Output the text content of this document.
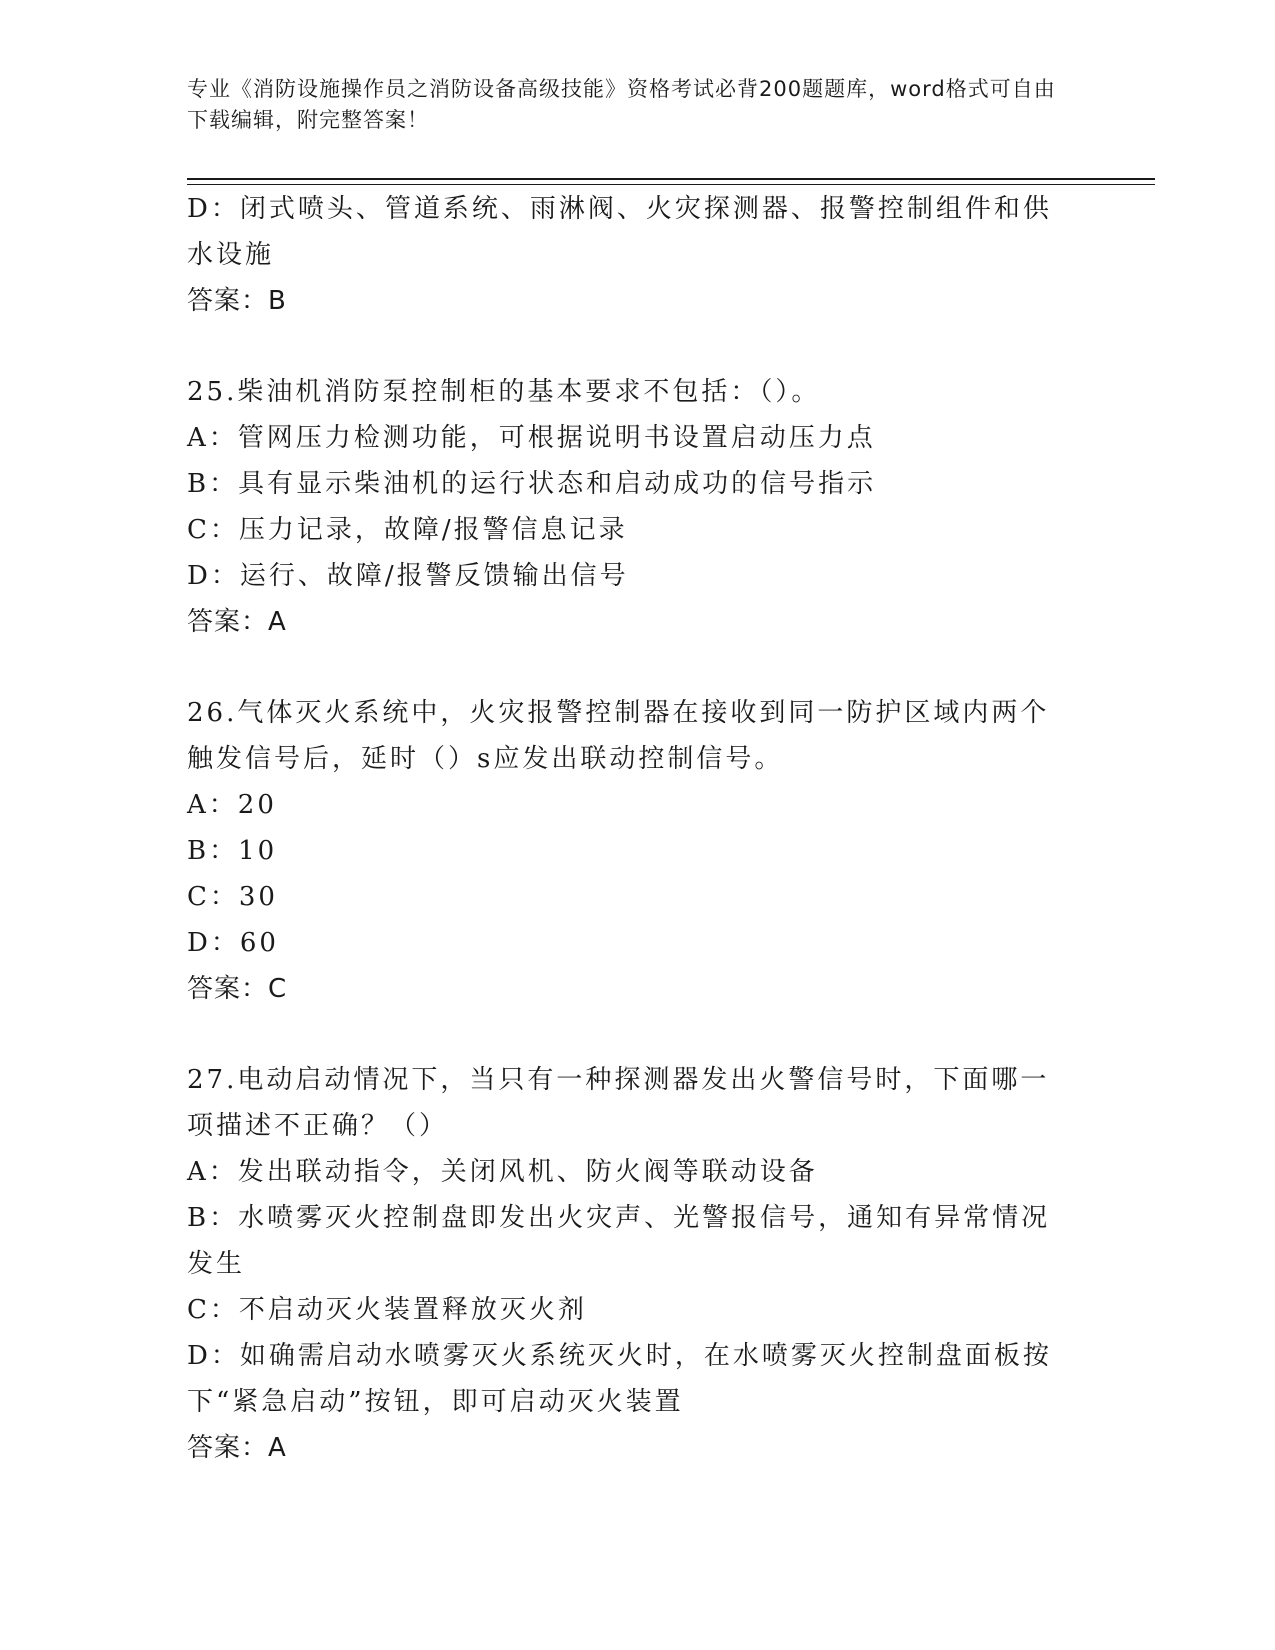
专业《消防设施操作员之消防设备高级技能》资格考试必背200题题库，word格式可自由下载编辑，附完整答案！
D：闭式喷头、管道系统、雨淋阀、火灾探测器、报警控制组件和供水设施
答案：B
25.柴油机消防泵控制柜的基本要求不包括：（）。
A：管网压力检测功能，可根据说明书设置启动压力点
B：具有显示柴油机的运行状态和启动成功的信号指示
C：压力记录，故障/报警信息记录
D：运行、故障/报警反馈输出信号
答案：A
26.气体灭火系统中，火灾报警控制器在接收到同一防护区域内两个触发信号后，延时（）s应发出联动控制信号。
A：20
B：10
C：30
D：60
答案：C
27.电动启动情况下，当只有一种探测器发出火警信号时，下面哪一项描述不正确？（）
A：发出联动指令，关闭风机、防火阀等联动设备
B：水喷雾灭火控制盘即发出火灾声、光警报信号，通知有异常情况发生
C：不启动灭火装置释放灭火剂
D：如确需启动水喷雾灭火系统灭火时，在水喷雾灭火控制盘面板按下“紧急启动”按钮，即可启动灭火装置
答案：A
